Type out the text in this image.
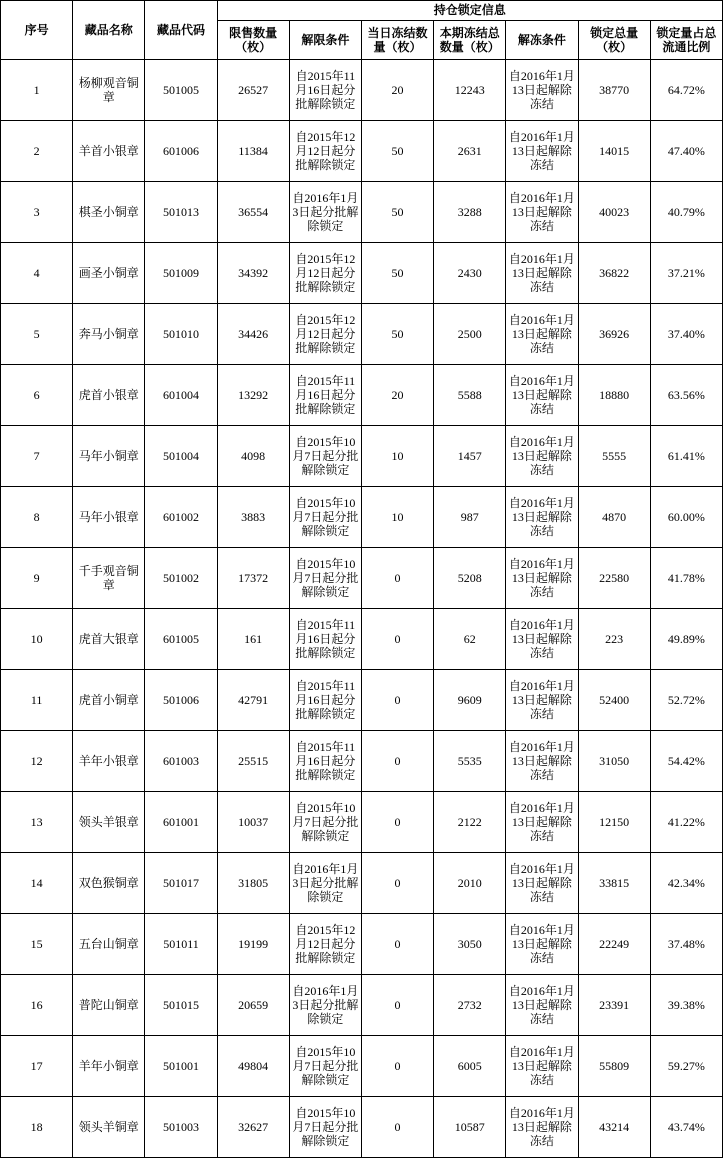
序号	藏品名称	藏品代码	持仓锁定信息						
			限售数量（枚）	解限条件	当日冻结数量（枚）	本期冻结总数量（枚）	解冻条件	锁定总量（枚）	锁定量占总流通比例
1	杨柳观音铜章	501005	26527	自2015年11月16日起分批解除锁定	20	12243	自2016年1月13日起解除冻结	38770	64.72%
2	羊首小银章	601006	11384	自2015年12月12日起分批解除锁定	50	2631	自2016年1月13日起解除冻结	14015	47.40%
3	棋圣小铜章	501013	36554	自2016年1月3日起分批解除锁定	50	3288	自2016年1月13日起解除冻结	40023	40.79%
4	画圣小铜章	501009	34392	自2015年12月12日起分批解除锁定	50	2430	自2016年1月13日起解除冻结	36822	37.21%
5	奔马小铜章	501010	34426	自2015年12月12日起分批解除锁定	50	2500	自2016年1月13日起解除冻结	36926	37.40%
6	虎首小银章	601004	13292	自2015年11月16日起分批解除锁定	20	5588	自2016年1月13日起解除冻结	18880	63.56%
7	马年小铜章	501004	4098	自2015年10月7日起分批解除锁定	10	1457	自2016年1月13日起解除冻结	5555	61.41%
8	马年小银章	601002	3883	自2015年10月7日起分批解除锁定	10	987	自2016年1月13日起解除冻结	4870	60.00%
9	千手观音铜章	501002	17372	自2015年10月7日起分批解除锁定	0	5208	自2016年1月13日起解除冻结	22580	41.78%
10	虎首大银章	601005	161	自2015年11月16日起分批解除锁定	0	62	自2016年1月13日起解除冻结	223	49.89%
11	虎首小铜章	501006	42791	自2015年11月16日起分批解除锁定	0	9609	自2016年1月13日起解除冻结	52400	52.72%
12	羊年小银章	601003	25515	自2015年11月16日起分批解除锁定	0	5535	自2016年1月13日起解除冻结	31050	54.42%
13	领头羊银章	601001	10037	自2015年10月7日起分批解除锁定	0	2122	自2016年1月13日起解除冻结	12150	41.22%
14	双色猴铜章	501017	31805	自2016年1月3日起分批解除锁定	0	2010	自2016年1月13日起解除冻结	33815	42.34%
15	五台山铜章	501011	19199	自2015年12月12日起分批解除锁定	0	3050	自2016年1月13日起解除冻结	22249	37.48%
16	普陀山铜章	501015	20659	自2016年1月3日起分批解除锁定	0	2732	自2016年1月13日起解除冻结	23391	39.38%
17	羊年小铜章	501001	49804	自2015年10月7日起分批解除锁定	0	6005	自2016年1月13日起解除冻结	55809	59.27%
18	领头羊铜章	501003	32627	自2015年10月7日起分批解除锁定	0	10587	自2016年1月13日起解除冻结	43214	43.74%
